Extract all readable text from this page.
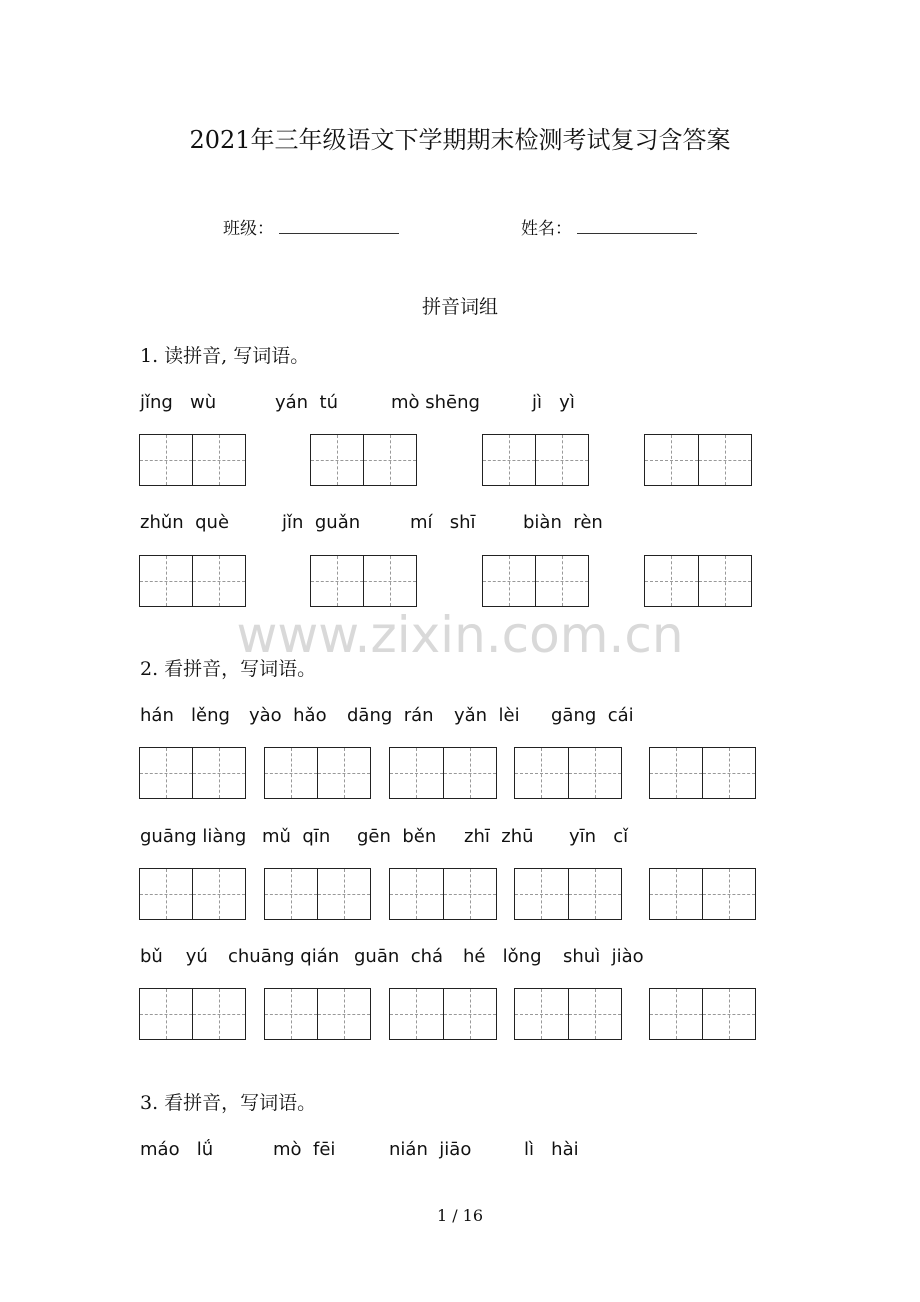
2021年三年级语文下学期期末检测考试复习含答案
班级：	姓名：
拼音词组
1. 读拼音, 写词语。
jǐng   wù	yán  tú	mò shēng	jì   yì
zhǔn  què	jǐn  guǎn	mí   shī	biàn  rèn
www.zixin.com.cn
2. 看拼音，写词语。
hán   lěng yào  hǎo dāng  rán yǎn  lèi gāng  cái
guāng liàng mǔ  qīn gēn  běn zhī  zhū yīn   cǐ
bǔ    yú chuāng qián guān  chá hé   lǒng shuì  jiào
3. 看拼音，写词语。
máo   lǘ	mò  fēi	nián  jiāo	lì   hài
1 / 16
